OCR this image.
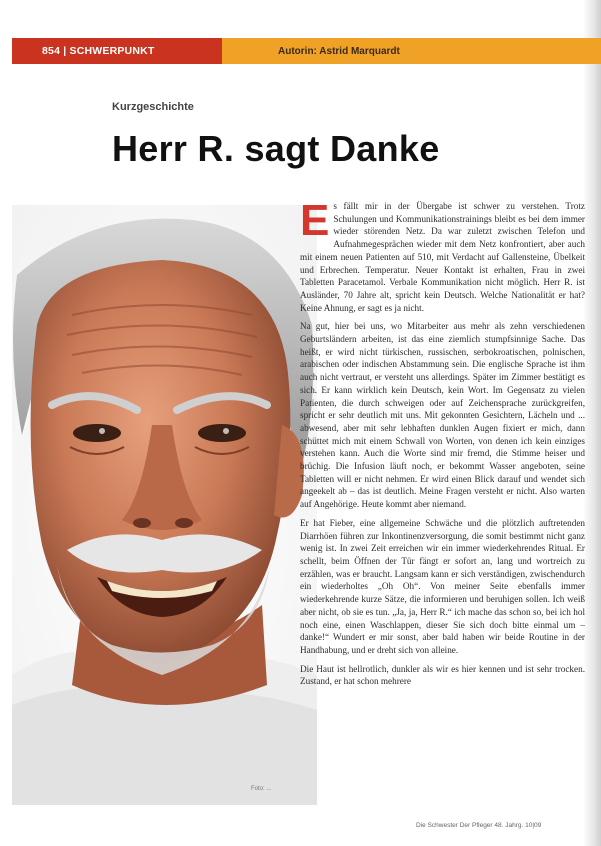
854 | SCHWERPUNKT	Autorin: Astrid Marquardt
Kurzgeschichte
Herr R. sagt Danke
Foto: ...

Es fällt mir in der Übergabe ist schwer zu verstehen. Trotz Schulungen und Kommunikationstrainings bleibt es bei dem immer wieder störenden Netz. Da war zuletzt zwischen Telefon und Aufnahmegesprächen wieder mit dem Netz konfrontiert, aber auch mit einem neuen Patienten auf 510, mit Verdacht auf Gallensteine, Übelkeit und Erbrechen. Temperatur. Neuer Kontakt ist erhalten, Frau in zwei Tabletten Paracetamol. Verbale Kommunikation nicht möglich. Herr R. ist Ausländer, 70 Jahre alt, spricht kein Deutsch. Welche Nationalität er hat? Keine Ahnung, er sagt es ja nicht.

Na gut, hier bei uns, wo Mitarbeiter aus mehr als zehn verschiedenen Geburtsländern arbeiten, ist das eine ziemlich stumpfsinnige Sache. Das heißt, er wird nicht türkischen, russischen, serbokroatischen, polnischen, arabischen oder indischen Abstammung sein. Die englische Sprache ist ihm auch nicht vertraut, er versteht uns allerdings. Später im Zimmer bestätigt es sich. Er kann wirklich kein Deutsch, kein Wort. Im Gegensatz zu vielen Patienten, die durch schweigen oder auf Zeichensprache zurückgreifen, spricht er sehr deutlich mit uns. Mit gekonnten Gesichtern, Lächeln und ... abwesend, aber mit sehr lebhaften dunklen Augen fixiert er mich, dann schüttet mich mit einem Schwall von Worten, von denen ich kein einziges verstehen kann. Auch die Worte sind mir fremd, die Stimme heiser und brüchig. Die Infusion läuft noch, er bekommt Wasser angeboten, seine Tabletten will er nicht nehmen. Er wird einen Blick darauf und wendet sich angeekelt ab – das ist deutlich. Meine Fragen versteht er nicht. Also warten auf Angehörige. Heute kommt aber niemand.

Er hat Fieber, eine allgemeine Schwäche und die plötzlich auftretenden Diarrhöen führen zur Inkontinenzversorgung, die somit bestimmt nicht ganz wenig ist. In zwei Zeit erreichen wir ein immer wiederkehrendes Ritual. Er schellt, beim Öffnen der Tür fängt er sofort an, lang und wortreich zu erzählen, was er braucht. Langsam kann er sich verständigen, zwischendurch ein wiederholtes „Oh Oh“. Von meiner Seite ebenfalls immer wiederkehrende kurze Sätze, die informieren und beruhigen sollen. Ich weiß aber nicht, ob sie es tun. „Ja, ja, Herr R.“ ich mache das schon so, bei ich hol noch eine, einen Waschlappen, dieser Sie sich doch bitte einmal um – danke!“ Wundert er mir sonst, aber bald haben wir beide Routine in der Handhabung, und er dreht sich von alleine.

Die Haut ist hellrotlich, dunkler als wir es hier kennen und ist sehr trocken. Zustand, er hat schon mehrere

Die Schwester Der Pfleger 48. Jahrg. 10|09
